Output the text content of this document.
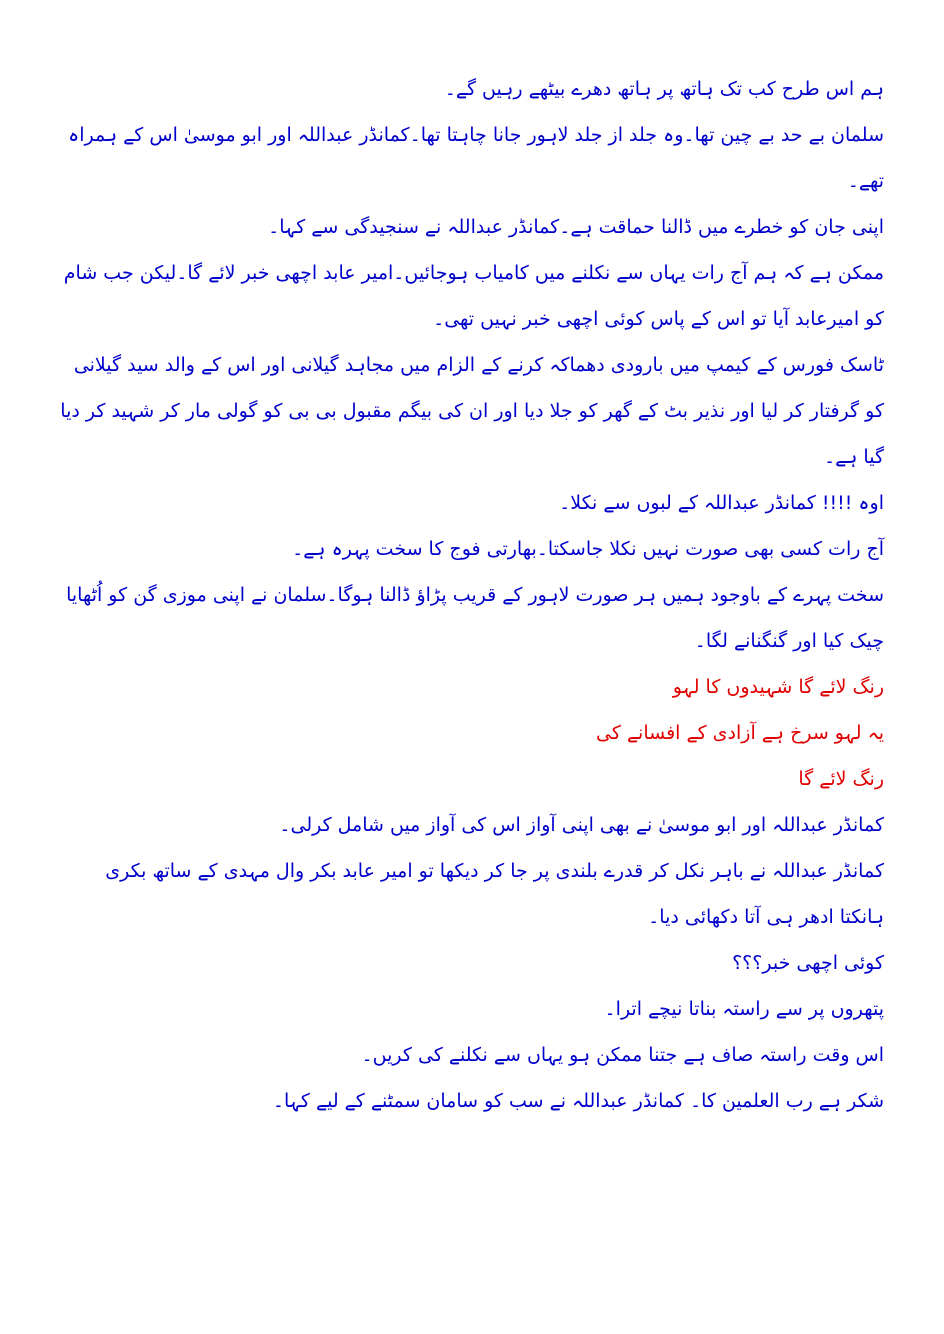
ہم اس طرح کب تک ہاتھ پر ہاتھ دھرے بیٹھے رہیں گے۔

سلمان بے حد بے چین تھا۔وہ جلد از جلد لاہور جانا چاہتا تھا۔کمانڈر عبداللہ اور ابو موسیٰ اس کے ہمراہ تھے۔

اپنی جان کو خطرے میں ڈالنا حماقت ہے۔کمانڈر عبداللہ نے سنجیدگی سے کہا۔

ممکن ہے کہ ہم آج رات یہاں سے نکلنے میں کامیاب ہوجائیں۔امیر عابد اچھی خبر لائے گا۔لیکن جب شام کو امیرعابد آیا تو اس کے پاس کوئی اچھی خبر نہیں تھی۔

ٹاسک فورس کے کیمپ میں بارودی دھماکہ کرنے کے الزام میں مجاہد گیلانی اور اس کے والد سید گیلانی کو گرفتار کر لیا اور نذیر بٹ کے گھر کو جلا دیا اور ان کی بیگم مقبول بی بی کو گولی مار کر شہید کر دیا گیا ہے۔

اوہ !!!! کمانڈر عبداللہ کے لبوں سے نکلا۔

آج رات کسی بھی صورت نہیں نکلا جاسکتا۔بھارتی فوج کا سخت پہرہ ہے۔

سخت پہرے کے باوجود ہمیں ہر صورت لاہور کے قریب پڑاؤ ڈالنا ہوگا۔سلمان نے اپنی موزی گن کو اُٹھایا چیک کیا اور گنگنانے لگا۔

رنگ لائے گا شہیدوں کا لہو

یہ لہو سرخ ہے آزادی کے افسانے کی

رنگ لائے گا

کمانڈر عبداللہ اور ابو موسیٰ نے بھی اپنی آواز اس کی آواز میں شامل کرلی۔

کمانڈر عبداللہ نے باہر نکل کر قدرے بلندی پر جا کر دیکھا تو امیر عابد بکر وال مہدی کے ساتھ بکری ہانکتا ادھر ہی آتا دکھائی دیا۔

کوئی اچھی خبر؟؟؟

پتھروں پر سے راستہ بناتا نیچے اترا۔

اس وقت راستہ صاف ہے جتنا ممکن ہو یہاں سے نکلنے کی کریں۔

شکر ہے رب العلمین کا۔ کمانڈر عبداللہ نے سب کو سامان سمٹنے کے لیے کہا۔
